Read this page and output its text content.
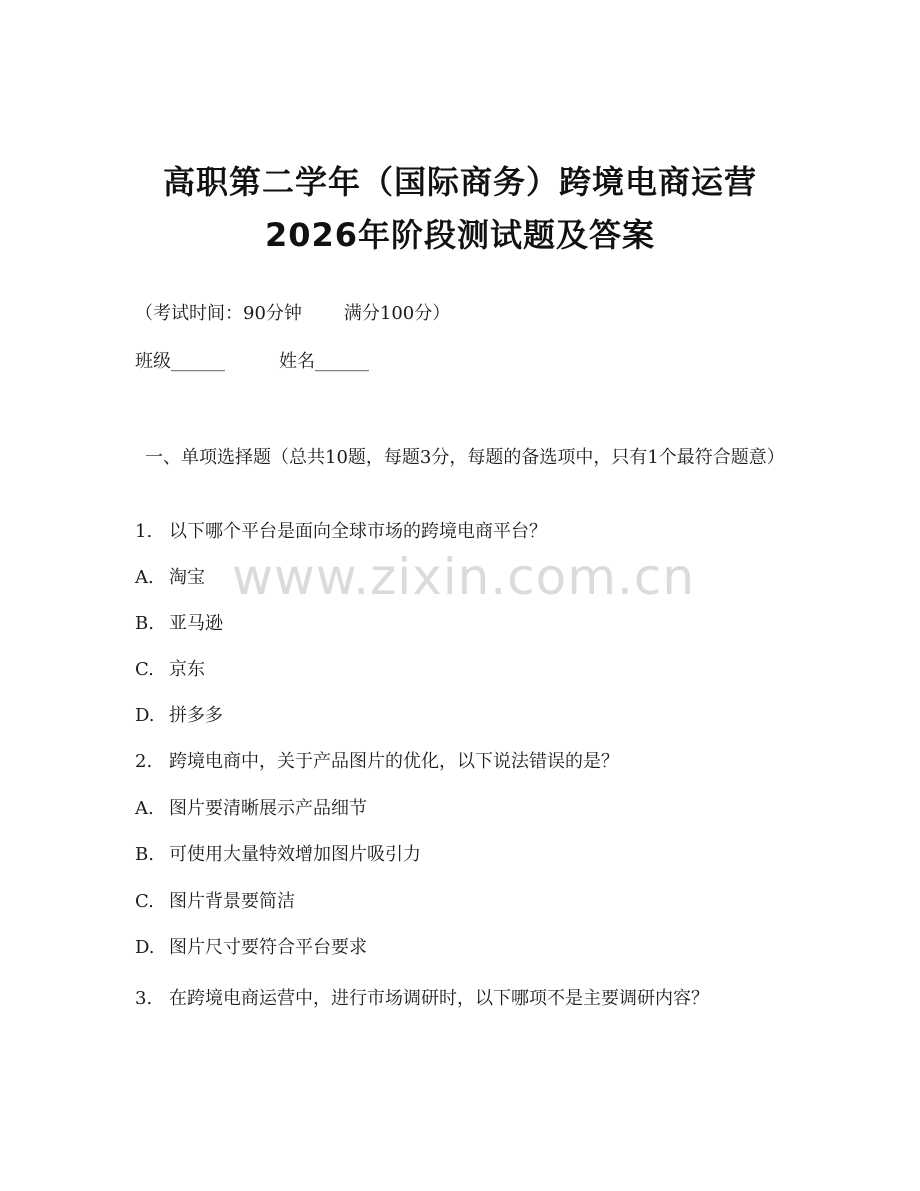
高职第二学年（国际商务）跨境电商运营
2026年阶段测试题及答案
（考试时间：90分钟 满分100分）
班级______	姓名______

一、单项选择题（总共10题，每题3分，每题的备选项中，只有1个最符合题意）

www.zixin.com.cn
1. 以下哪个平台是面向全球市场的跨境电商平台？
A. 淘宝
B. 亚马逊
C. 京东
D. 拼多多
2. 跨境电商中，关于产品图片的优化，以下说法错误的是？
A. 图片要清晰展示产品细节
B. 可使用大量特效增加图片吸引力
C. 图片背景要简洁
D. 图片尺寸要符合平台要求

3. 在跨境电商运营中，进行市场调研时，以下哪项不是主要调研内容？
